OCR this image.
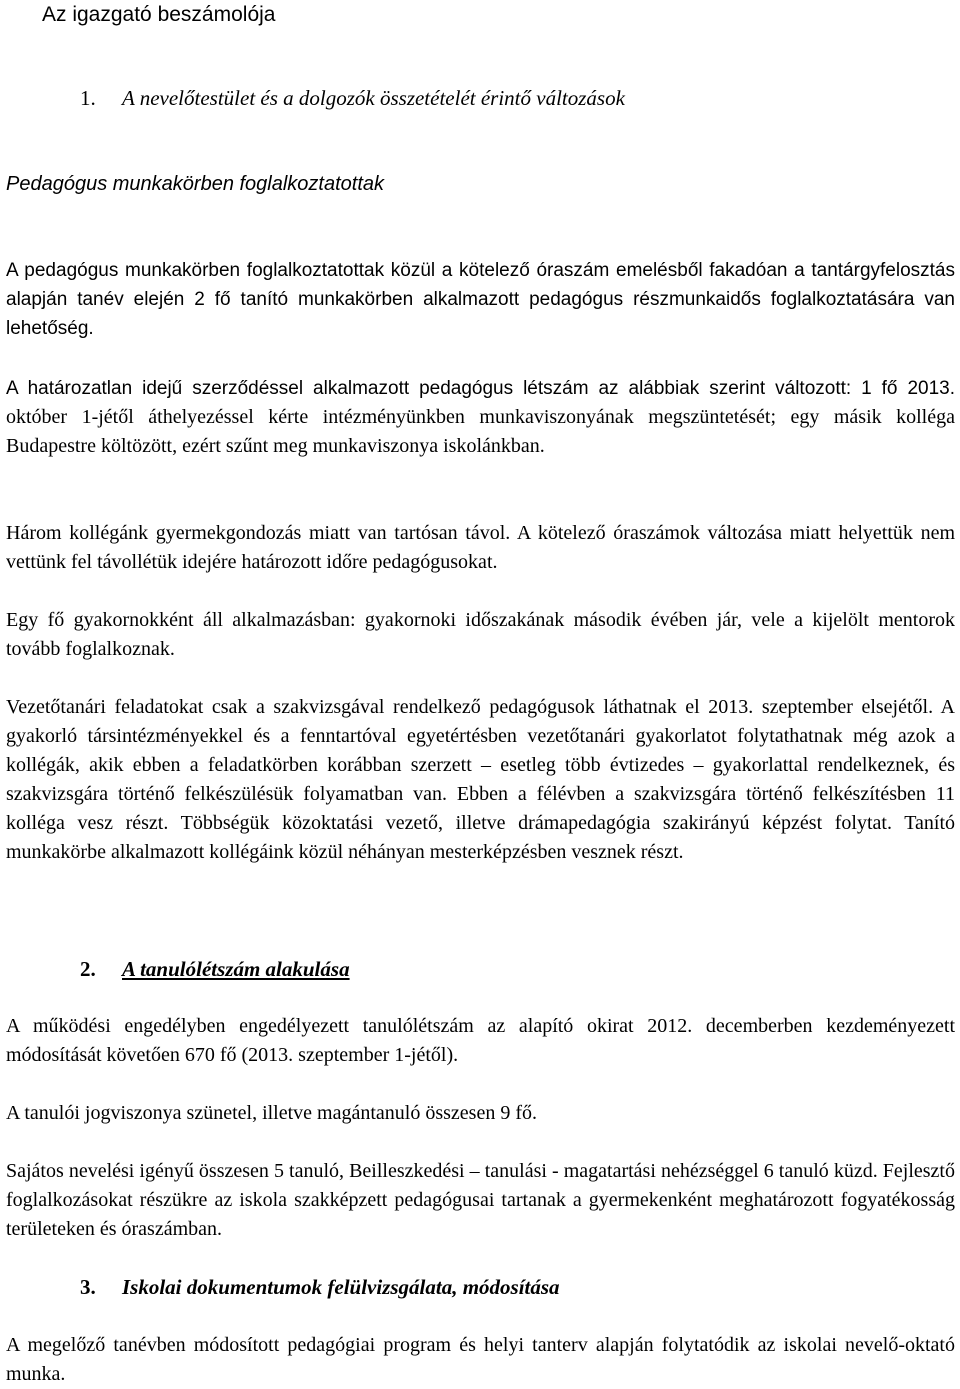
Az igazgató beszámolója
1. A nevelőtestület és a dolgozók összetételét érintő változások
Pedagógus munkakörben foglalkoztatottak

A pedagógus munkakörben foglalkoztatottak közül a kötelező óraszám emelésből fakadóan a tantárgyfelosztás alapján tanév elején 2 fő tanító munkakörben alkalmazott pedagógus részmunkaidős foglalkoztatására van lehetőség.

A határozatlan idejű szerződéssel alkalmazott pedagógus létszám az alábbiak szerint változott: 1 fő 2013. október 1-jétől áthelyezéssel kérte intézményünkben munkaviszonyának megszüntetését; egy másik kolléga Budapestre költözött, ezért szűnt meg munkaviszonya iskolánkban.

Három kollégánk gyermekgondozás miatt van tartósan távol. A kötelező óraszámok változása miatt helyettük nem vettünk fel távollétük idejére határozott időre pedagógusokat.

Egy fő gyakornokként áll alkalmazásban: gyakornoki időszakának második évében jár, vele a kijelölt mentorok tovább foglalkoznak.

Vezetőtanári feladatokat csak a szakvizsgával rendelkező pedagógusok láthatnak el 2013. szeptember elsejétől. A gyakorló társintézményekkel és a fenntartóval egyetértésben vezetőtanári gyakorlatot folytathatnak még azok a kollégák, akik ebben a feladatkörben korábban szerzett – esetleg több évtizedes – gyakorlattal rendelkeznek, és szakvizsgára történő felkészülésük folyamatban van. Ebben a félévben a szakvizsgára történő felkészítésben 11 kolléga vesz részt. Többségük közoktatási vezető, illetve drámapedagógia szakirányú képzést folytat. Tanító munkakörbe alkalmazott kollégáink közül néhányan mesterképzésben vesznek részt.

2. A tanulólétszám alakulása

A működési engedélyben engedélyezett tanulólétszám az alapító okirat 2012. decemberben kezdeményezett módosítását követően 670 fő (2013. szeptember 1-jétől).

A tanulói jogviszonya szünetel, illetve magántanuló összesen 9 fő.

Sajátos nevelési igényű összesen 5 tanuló, Beilleszkedési – tanulási - magatartási nehézséggel 6 tanuló küzd. Fejlesztő foglalkozásokat részükre az iskola szakképzett pedagógusai tartanak a gyermekenként meghatározott fogyatékosság területeken és óraszámban.

3. Iskolai dokumentumok felülvizsgálata, módosítása

A megelőző tanévben módosított pedagógiai program és helyi tanterv alapján folytatódik az iskolai nevelő-oktató munka.
